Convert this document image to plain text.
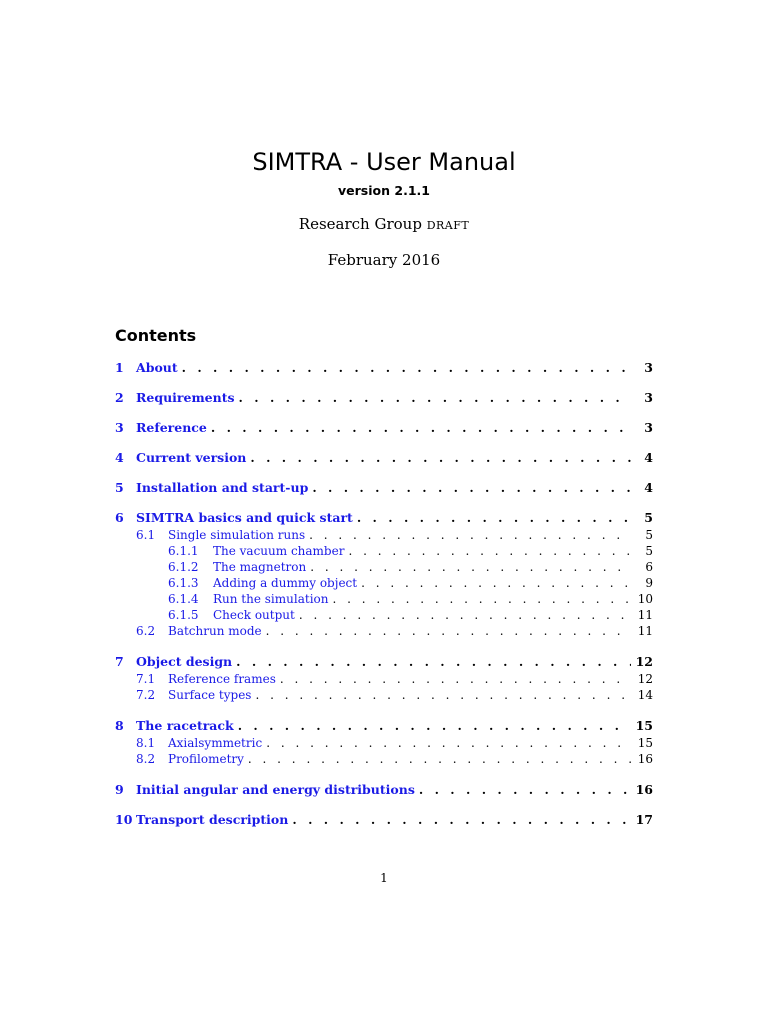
SIMTRA - User Manual
version 2.1.1
Research Group draft
February 2016
Contents
1 About . . .	3
2 Requirements . . .	3
3 Reference . . .	3
4 Current version . . .	4
5 Installation and start-up . . .	4
6 SIMTRA basics and quick start . . .	5
6.1	Single simulation runs . . .	5
6.1.1	The vacuum chamber . . .	5
6.1.2	The magnetron . . .	6
6.1.3	Adding a dummy object . . .	9
6.1.4	Run the simulation . . .	10
6.1.5	Check output . . .	11
6.2	Batchrun mode . . .	11
7 Object design . . .	12
7.1	Reference frames . . .	12
7.2	Surface types . . .	14
8 The racetrack . . .	15
8.1	Axialsymmetric . . .	15
8.2	Profilometry . . .	16
9 Initial angular and energy distributions . . .	16
10 Transport description . . .	17
1
